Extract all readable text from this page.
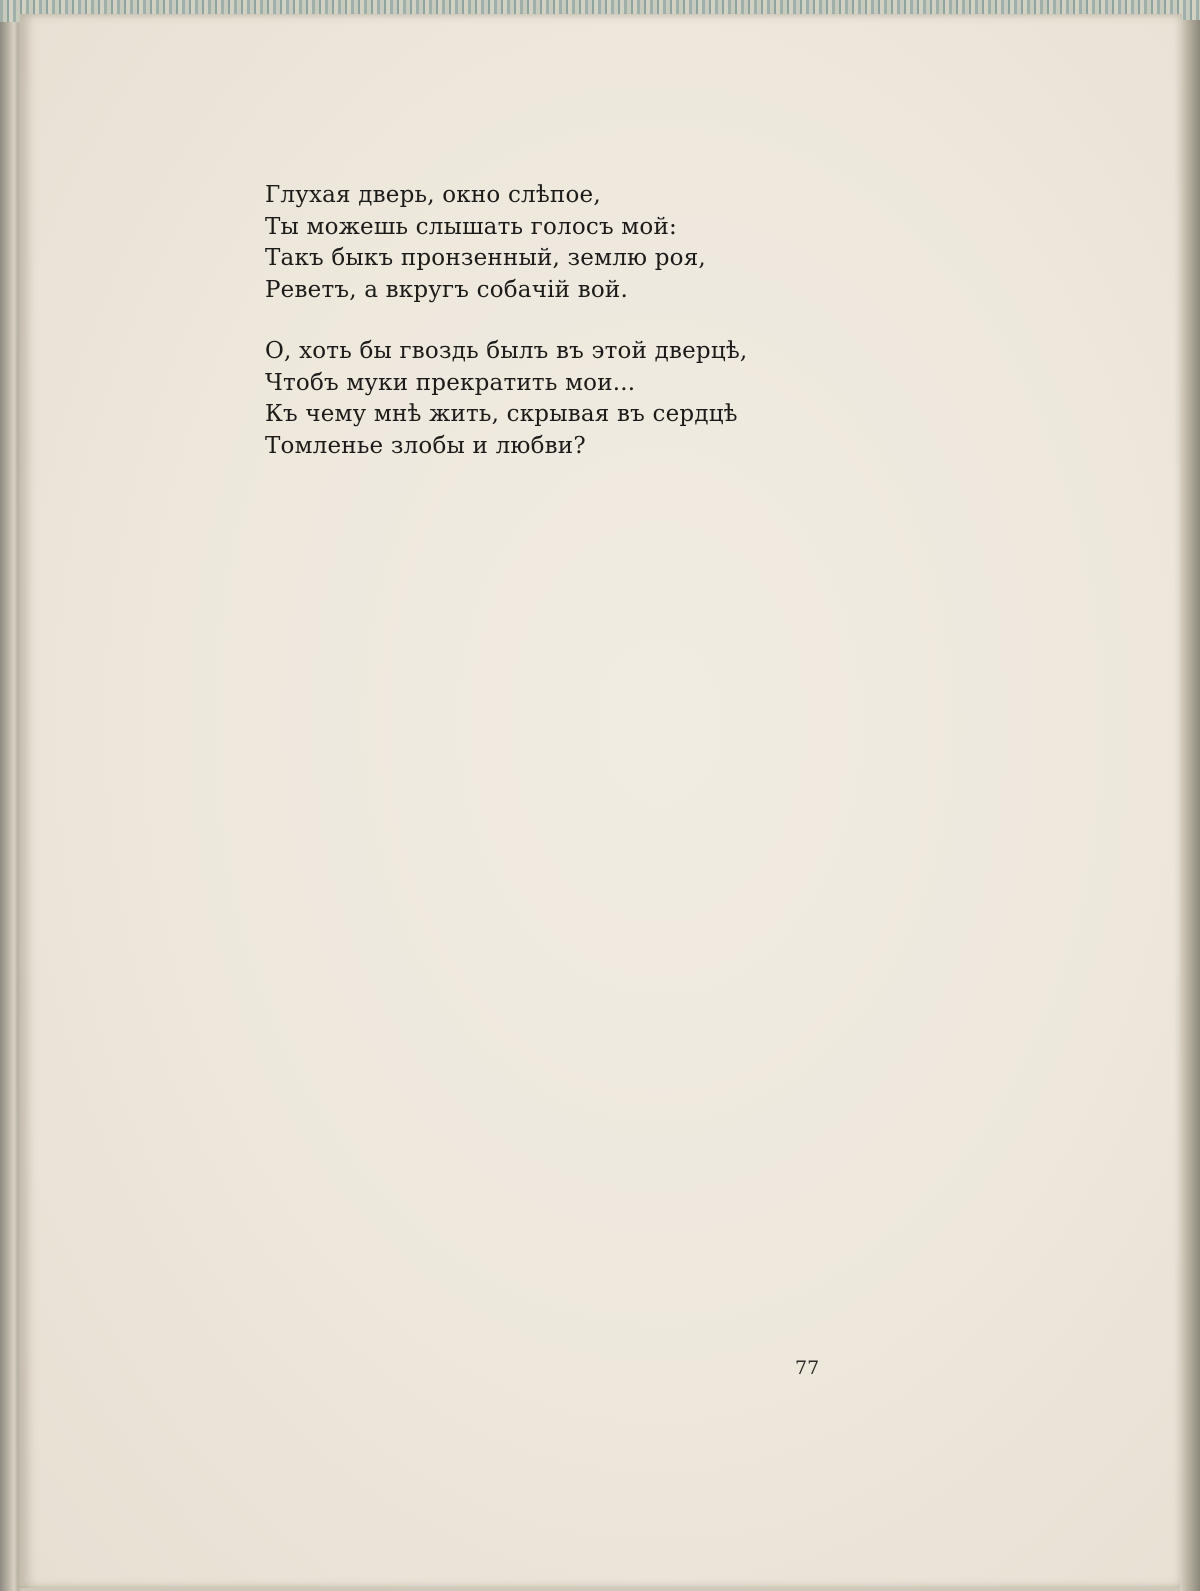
Глухая дверь, окно слѣпое,
Ты можешь слышать голосъ мой:
Такъ быкъ пронзенный, землю роя,
Реветъ, а вкругъ собачій вой.
О, хоть бы гвоздь былъ въ этой дверцѣ,
Чтобъ муки прекратить мои...
Къ чему мнѣ жить, скрывая въ сердцѣ
Томленье злобы и любви?
77
